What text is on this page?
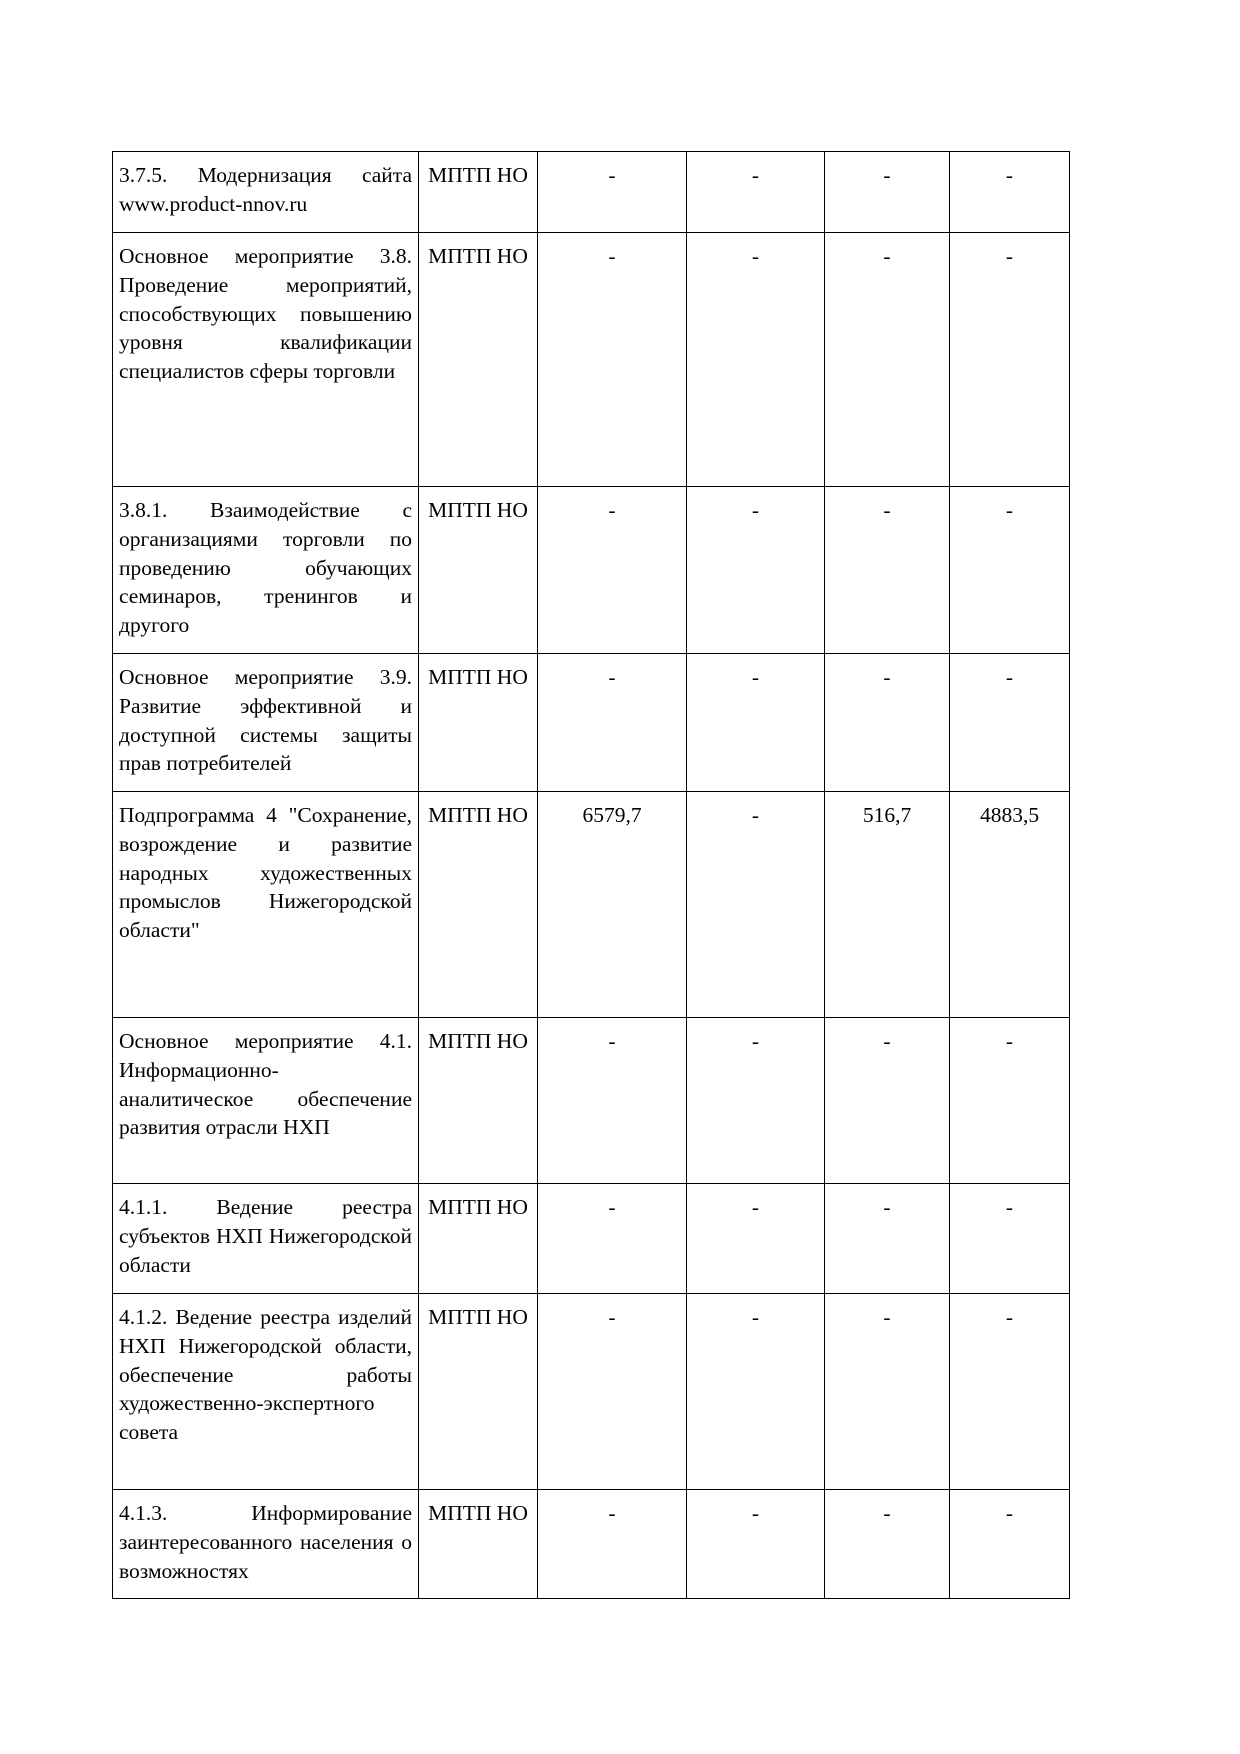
3.7.5. Модернизация сайта www.product-nnov.ru	МПТП НО	-	-	-	-
Основное мероприятие 3.8. Проведение мероприятий, способствующих повышению уровня квалификации специалистов сферы торговли	МПТП НО	-	-	-	-
3.8.1. Взаимодействие с организациями торговли по проведению обучающих семинаров, тренингов и другого	МПТП НО	-	-	-	-
Основное мероприятие 3.9. Развитие эффективной и доступной системы защиты прав потребителей	МПТП НО	-	-	-	-
Подпрограмма 4 "Сохранение, возрождение и развитие народных художественных промыслов Нижегородской области"	МПТП НО	6579,7	-	516,7	4883,5
Основное мероприятие 4.1. Информационно-аналитическое обеспечение развития отрасли НХП	МПТП НО	-	-	-	-
4.1.1. Ведение реестра субъектов НХП Нижегородской области	МПТП НО	-	-	-	-
4.1.2. Ведение реестра изделий НХП Нижегородской области, обеспечение работы художественно-экспертного совета	МПТП НО	-	-	-	-
4.1.3. Информирование заинтересованного населения о возможностях	МПТП НО	-	-	-	-
